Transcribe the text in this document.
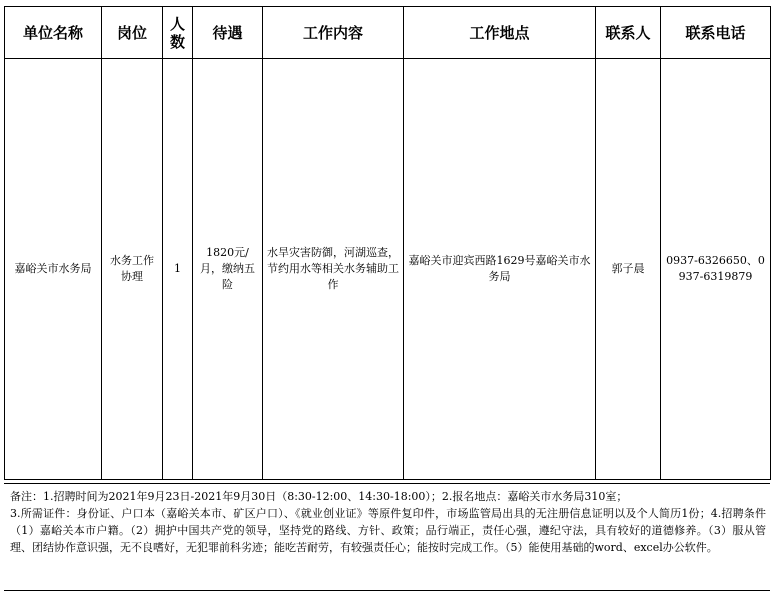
单位名称	岗位	人数	待遇	工作内容	工作地点	联系人	联系电话
嘉峪关市水务局	水务工作协理	1	1820元/月，缴纳五险	水旱灾害防御，河湖巡查，节约用水等相关水务辅助工作	嘉峪关市迎宾西路1629号嘉峪关市水务局	郭子晨	0937-6326650、0937-6319879
备注：1.招聘时间为2021年9月23日-2021年9月30日（8:30-12:00、14:30-18:00）；2.报名地点：嘉峪关市水务局310室；
3.所需证件：身份证、户口本（嘉峪关本市、矿区户口）、《就业创业证》等原件复印件，市场监管局出具的无注册信息证明以及个人简历1份；4.招聘条件（1）嘉峪关本市户籍。（2）拥护中国共产党的领导，坚持党的路线、方针、政策；品行端正，责任心强，遵纪守法，具有较好的道德修养。（3）服从管理、团结协作意识强，无不良嗜好，无犯罪前科劣迹；能吃苦耐劳，有较强责任心；能按时完成工作。（5）能使用基础的word、excel办公软件。
